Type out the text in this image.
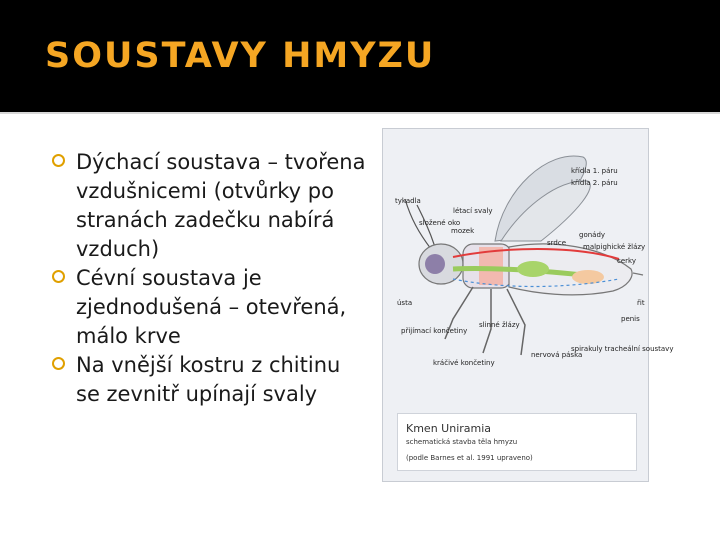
SOUSTAVY HMYZU
Dýchací soustava – tvořena vzdušnicemi (otvůrky po stranách zadečku nabírá vzduch)
Cévní soustava je zjednodušená – otevřená, málo krve
Na vnější kostru z chitinu se zevnitř upínají svaly
křídla 1. páru
křídla 2. páru
tykadla
létací svaly
složené oko
mozek	gonády
srdce malpighické žlázy
cerky
ústa	řit
penis
přijímací končetiny
slinné žlázy
kráčivé končetiny
nervová páska
spirakuly tracheální soustavy
Kmen Uniramia
schematická stavba těla hmyzu
(podle Barnes et al. 1991 upraveno)
